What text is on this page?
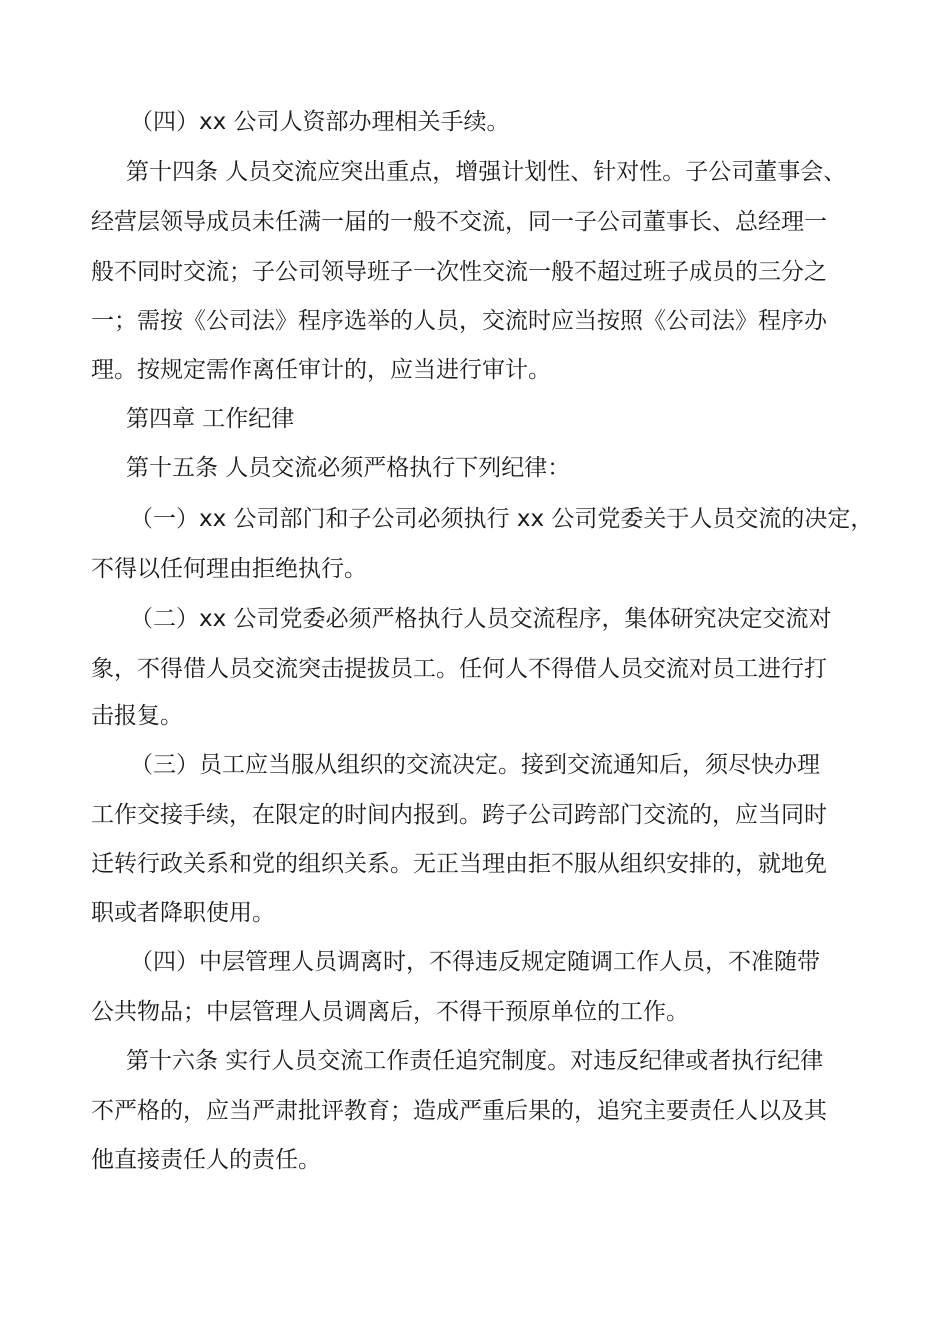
（四）xx 公司人资部办理相关手续。
第十四条 人员交流应突出重点，增强计划性、针对性。子公司董事会、
经营层领导成员未任满一届的一般不交流，同一子公司董事长、总经理一
般不同时交流；子公司领导班子一次性交流一般不超过班子成员的三分之
一；需按《公司法》程序选举的人员，交流时应当按照《公司法》程序办
理。按规定需作离任审计的，应当进行审计。
第四章 工作纪律
第十五条 人员交流必须严格执行下列纪律：
（一）xx 公司部门和子公司必须执行 xx 公司党委关于人员交流的决定，
不得以任何理由拒绝执行。
（二）xx 公司党委必须严格执行人员交流程序，集体研究决定交流对
象，不得借人员交流突击提拔员工。任何人不得借人员交流对员工进行打
击报复。
（三）员工应当服从组织的交流决定。接到交流通知后，须尽快办理
工作交接手续，在限定的时间内报到。跨子公司跨部门交流的，应当同时
迁转行政关系和党的组织关系。无正当理由拒不服从组织安排的，就地免
职或者降职使用。
（四）中层管理人员调离时，不得违反规定随调工作人员，不准随带
公共物品；中层管理人员调离后，不得干预原单位的工作。
第十六条 实行人员交流工作责任追究制度。对违反纪律或者执行纪律
不严格的，应当严肃批评教育；造成严重后果的，追究主要责任人以及其
他直接责任人的责任。
